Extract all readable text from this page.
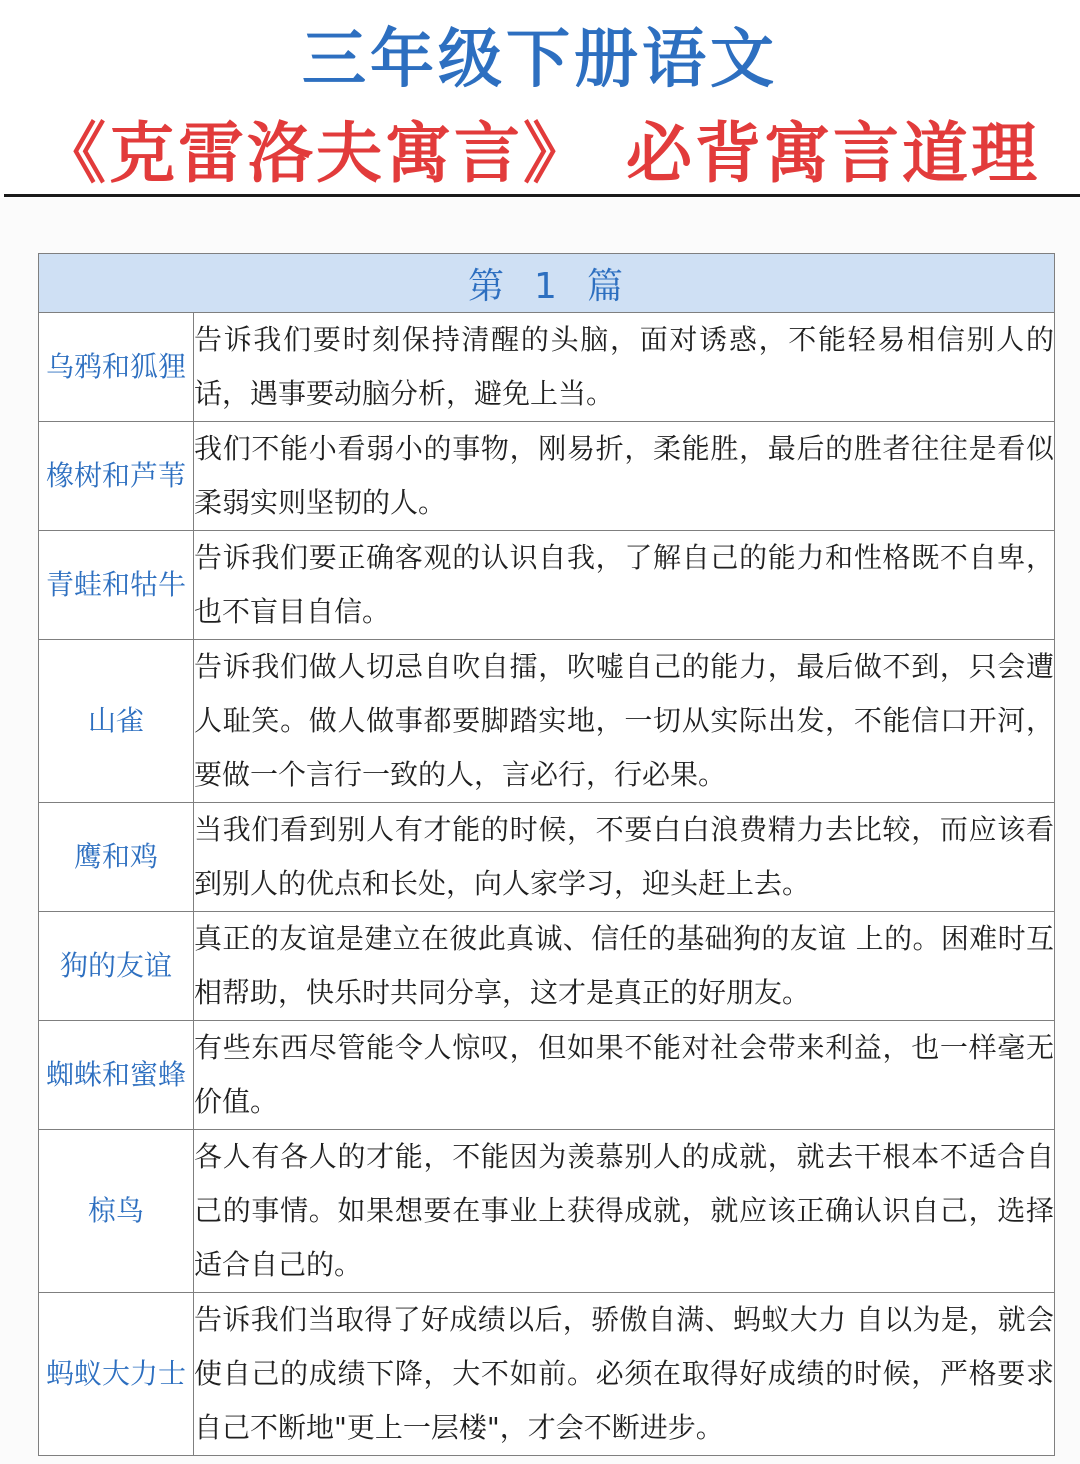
三年级下册语文
《克雷洛夫寓言》 必背寓言道理
第 1 篇	
乌鸦和狐狸	告诉我们要时刻保持清醒的头脑，面对诱惑，不能轻易相信别人的话，遇事要动脑分析，避免上当。
橡树和芦苇	我们不能小看弱小的事物，刚易折，柔能胜，最后的胜者往往是看似柔弱实则坚韧的人。
青蛙和牯牛	告诉我们要正确客观的认识自我，了解自己的能力和性格既不自卑，也不盲目自信。
山雀	告诉我们做人切忌自吹自擂，吹嘘自己的能力，最后做不到，只会遭人耻笑。做人做事都要脚踏实地，一切从实际出发，不能信口开河，要做一个言行一致的人，言必行，行必果。
鹰和鸡	当我们看到别人有才能的时候，不要白白浪费精力去比较，而应该看到别人的优点和长处，向人家学习，迎头赶上去。
狗的友谊	真正的友谊是建立在彼此真诚、信任的基础狗的友谊 上的。困难时互相帮助，快乐时共同分享，这才是真正的好朋友。
蜘蛛和蜜蜂	有些东西尽管能令人惊叹，但如果不能对社会带来利益，也一样毫无价值。
椋鸟	各人有各人的才能，不能因为羡慕别人的成就，就去干根本不适合自己的事情。如果想要在事业上获得成就，就应该正确认识自己，选择适合自己的。
蚂蚁大力士	告诉我们当取得了好成绩以后，骄傲自满、蚂蚁大力 自以为是，就会使自己的成绩下降，大不如前。必须在取得好成绩的时候，严格要求自己不断地"更上一层楼"，才会不断进步。
